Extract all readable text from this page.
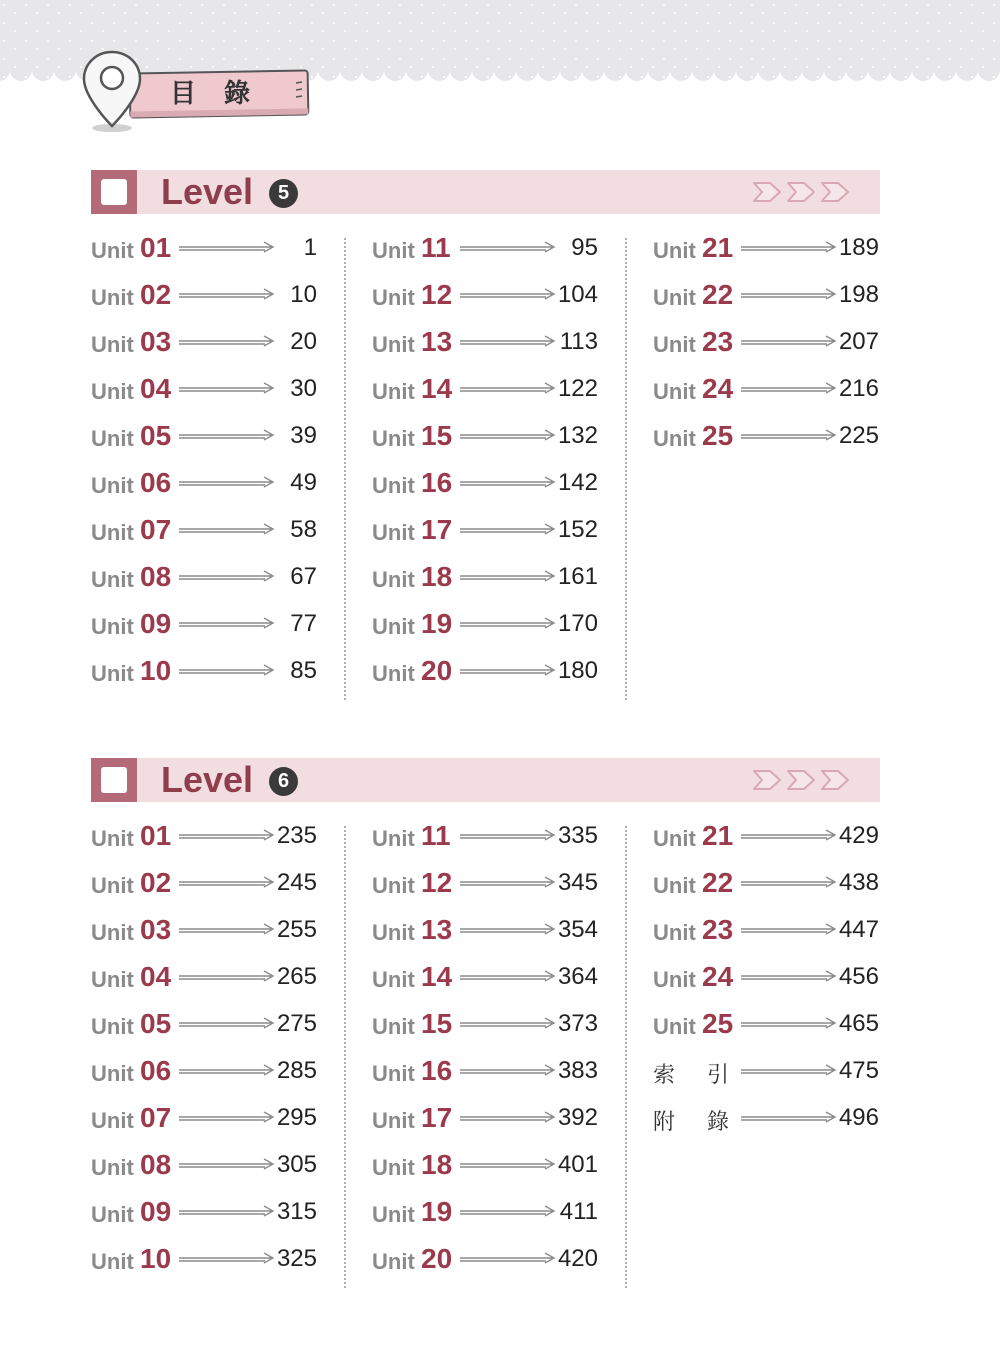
目錄
Level	5
Unit 01	1
Unit 02	10
Unit 03	20
Unit 04	30
Unit 05	39
Unit 06	49
Unit 07	58
Unit 08	67
Unit 09	77
Unit 10	85
Unit 11	95
Unit 12	104
Unit 13	113
Unit 14	122
Unit 15	132
Unit 16	142
Unit 17	152
Unit 18	161
Unit 19	170
Unit 20	180
Unit 21	189
Unit 22	198
Unit 23	207
Unit 24	216
Unit 25	225
Level	6
Unit 01	235
Unit 02	245
Unit 03	255
Unit 04	265
Unit 05	275
Unit 06	285
Unit 07	295
Unit 08	305
Unit 09	315
Unit 10	325
Unit 11	335
Unit 12	345
Unit 13	354
Unit 14	364
Unit 15	373
Unit 16	383
Unit 17	392
Unit 18	401
Unit 19	411
Unit 20	420
Unit 21	429
Unit 22	438
Unit 23	447
Unit 24	456
Unit 25	465
索 引	475
附 錄	496
